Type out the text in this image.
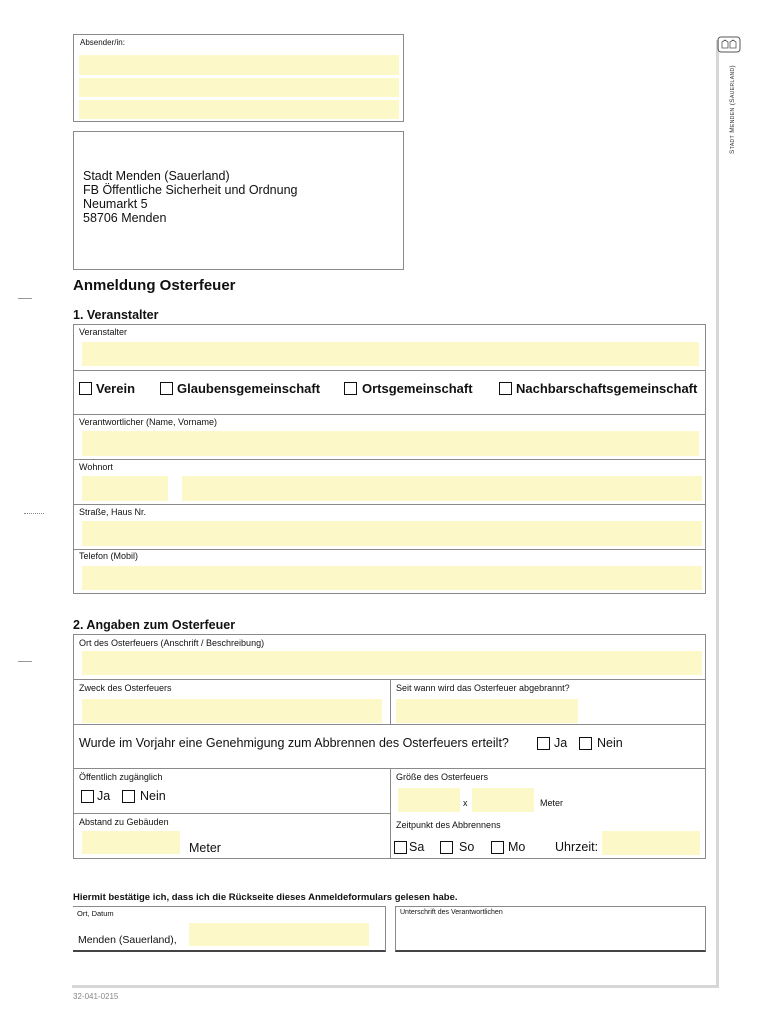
Stadt Menden (Sauerland)
Absender/in:
Stadt Menden (Sauerland)
FB Öffentliche Sicherheit und Ordnung
Neumarkt 5
58706 Menden
Anmeldung Osterfeuer
1. Veranstalter
Veranstalter
Verein	Glaubensgemeinschaft	Ortsgemeinschaft	Nachbarschaftsgemeinschaft
Verantwortlicher (Name, Vorname)
Wohnort
Straße, Haus Nr.
Telefon (Mobil)
2. Angaben zum Osterfeuer
Ort des Osterfeuers (Anschrift / Beschreibung)
Zweck des Osterfeuers	Seit wann wird das Osterfeuer abgebrannt?
Wurde im Vorjahr eine Genehmigung zum Abbrennen des Osterfeuers erteilt?	Ja Nein
Öffentlich zugänglich
Ja Nein
Größe des Osterfeuers
x	Meter
Abstand zu Gebäuden
Meter
Zeitpunkt des Abbrennens
Sa	So	Mo Uhrzeit:
Hiermit bestätige ich, dass ich die Rückseite dieses Anmeldeformulars gelesen habe.
Ort, Datum
Menden (Sauerland),
Unterschrift des Verantwortlichen
32-041-0215
